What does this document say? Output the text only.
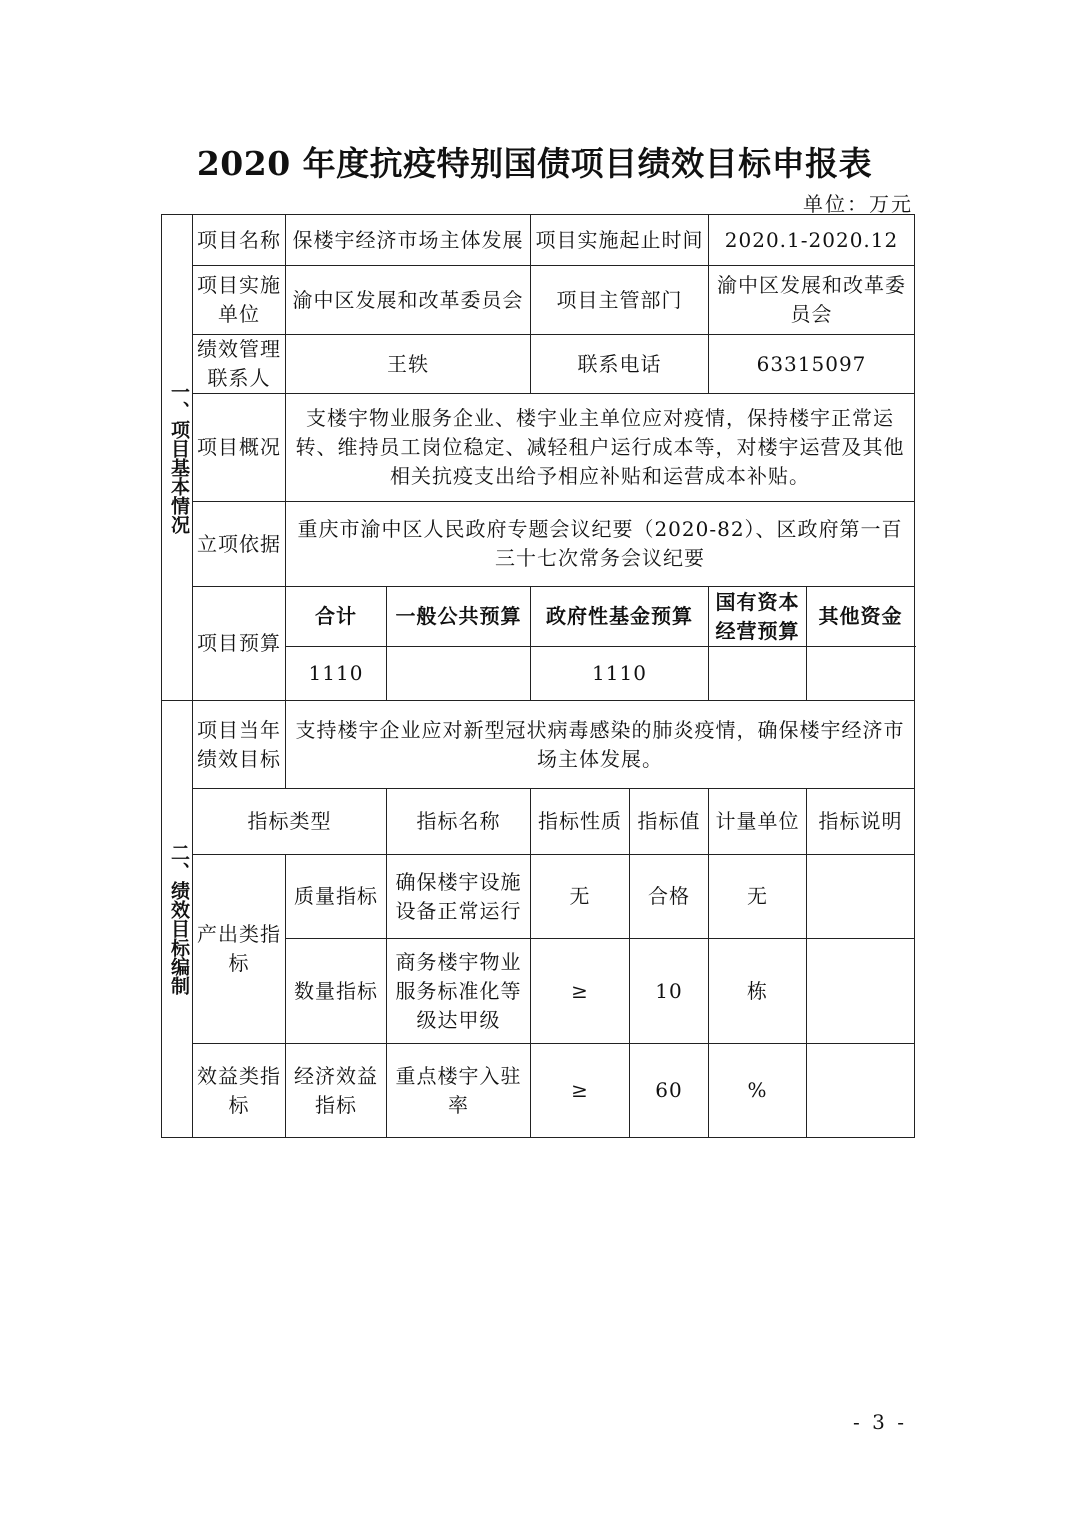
2020 年度抗疫特别国债项目绩效目标申报表
单位：万元
一、项目基本情况	项目名称	保楼宇经济市场主体发展		项目实施起止时间		2020.1-2020.12	
	项目实施单位	渝中区发展和改革委员会		项目主管部门		渝中区发展和改革委员会	
	绩效管理联系人	王轶		联系电话		63315097	
	项目概况	支楼宇物业服务企业、楼宇业主单位应对疫情，保持楼宇正常运转、维持员工岗位稳定、减轻租户运行成本等，对楼宇运营及其他相关抗疫支出给予相应补贴和运营成本补贴。					
	立项依据	重庆市渝中区人民政府专题会议纪要（2020-82）、区政府第一百三十七次常务会议纪要					
	项目预算	合计	一般公共预算	政府性基金预算		国有资本经营预算	其他资金
		1110		1110			

二、绩效目标编制	项目当年绩效目标	支持楼宇企业应对新型冠状病毒感染的肺炎疫情，确保楼宇经济市场主体发展。					
	指标类型		指标名称	指标性质	指标值	计量单位	指标说明
	产出类指标	质量指标	确保楼宇设施设备正常运行	无	合格	无	
		数量指标	商务楼宇物业服务标准化等级达甲级	≥	10	栋	
	效益类指标	经济效益指标	重点楼宇入驻率	≥	60	%	
- 3 -
